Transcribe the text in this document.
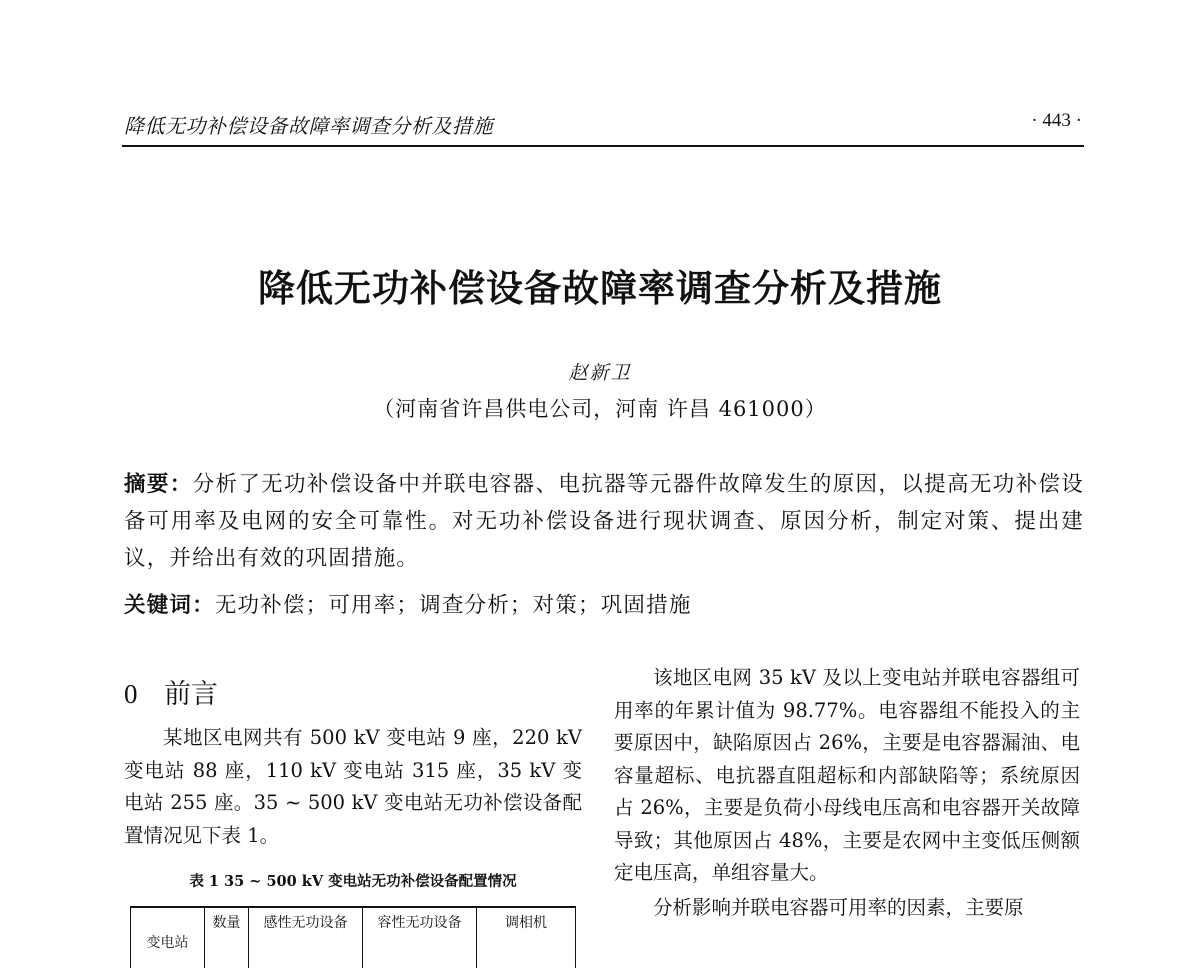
降低无功补偿设备故障率调查分析及措施	· 443 ·
降低无功补偿设备故障率调查分析及措施
赵新卫
（河南省许昌供电公司，河南 许昌 461000）
摘要：分析了无功补偿设备中并联电容器、电抗器等元器件故障发生的原因，以提高无功补偿设备可用率及电网的安全可靠性。对无功补偿设备进行现状调查、原因分析，制定对策、提出建议，并给出有效的巩固措施。
关键词：无功补偿；可用率；调查分析；对策；巩固措施
0 前言

某地区电网共有 500 kV 变电站 9 座，220 kV 变电站 88 座，110 kV 变电站 315 座，35 kV 变电站 255 座。35 ~ 500 kV 变电站无功补偿设备配置情况见下表 1。

表 1 35 ~ 500 kV 变电站无功补偿设备配置情况
变电站
数量	感性无功设备	容性无功设备	调相机

该地区电网 35 kV 及以上变电站并联电容器组可用率的年累计值为 98.77%。电容器组不能投入的主要原因中，缺陷原因占 26%，主要是电容器漏油、电容量超标、电抗器直阻超标和内部缺陷等；系统原因占 26%，主要是负荷小母线电压高和电容器开关故障导致；其他原因占 48%，主要是农网中主变低压侧额定电压高，单组容量大。

分析影响并联电容器可用率的因素，主要原
